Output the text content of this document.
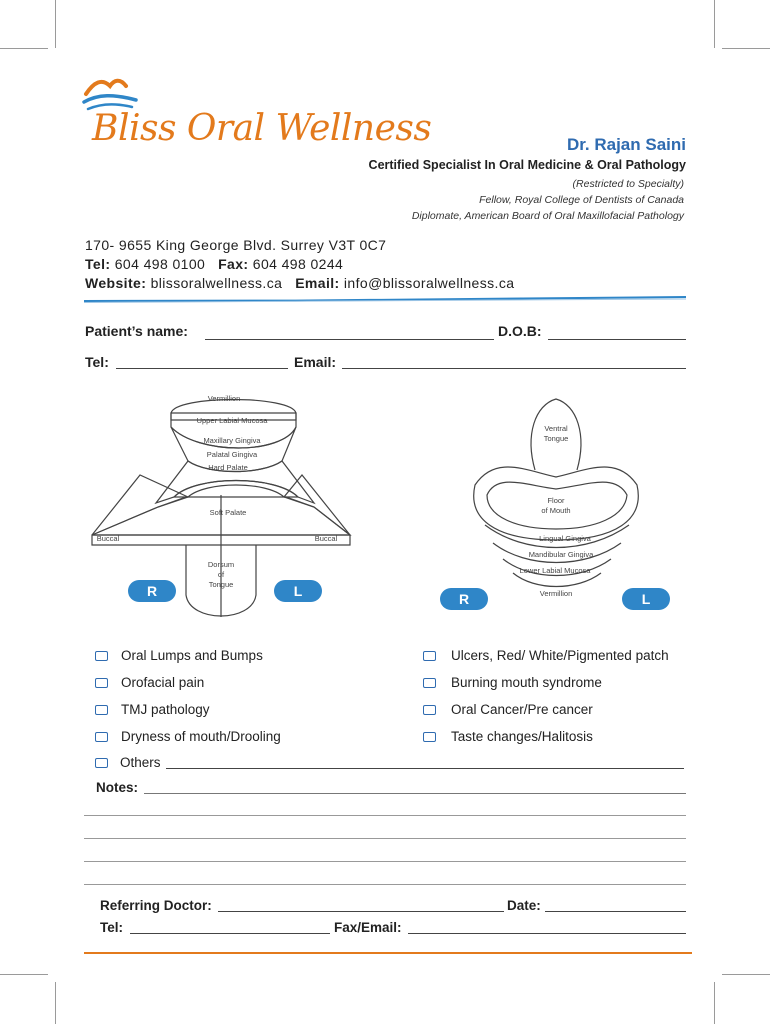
Bliss Oral Wellness	Dr. Rajan Saini
Certified Specialist In Oral Medicine & Oral Pathology
(Restricted to Specialty)
Fellow, Royal College of Dentists of Canada
Diplomate, American Board of Oral Maxillofacial Pathology
170- 9655 King George Blvd. Surrey V3T 0C7
Tel: 604 498 0100 Fax: 604 498 0244
Website: blissoralwellness.ca Email: info@blissoralwellness.ca
Patient’s name:	D.O.B:
Tel:	Email:
Vermillion
Upper Labial Mucosa
Maxillary Gingiva
Palatal Gingiva
Hard Palate
Soft Palate
Buccal	Buccal
Dorsum
of
Tongue
R	L
Ventral
Tongue
Floor
of Mouth
Lingual Gingiva
Mandibular Gingiva
Lower Labial Mucosa
Vermillion
R	L
Oral Lumps and Bumps
Orofacial pain
TMJ pathology
Dryness of mouth/Drooling
Ulcers, Red/ White/Pigmented patch
Burning mouth syndrome
Oral Cancer/Pre cancer
Taste changes/Halitosis
Others
Notes:
Referring Doctor:	Date:
Tel:	Fax/Email:
